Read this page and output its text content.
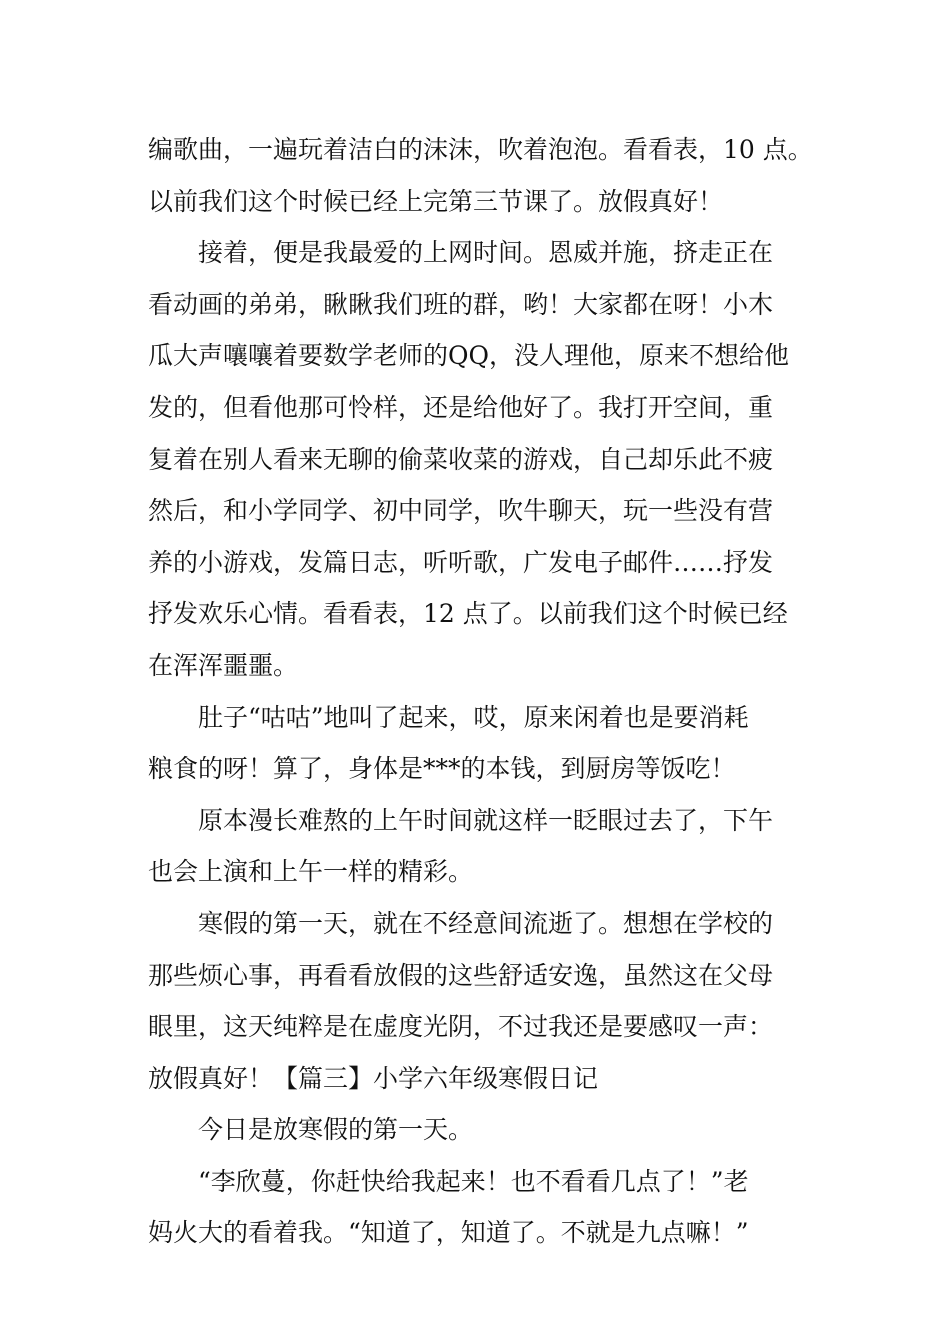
编歌曲，一遍玩着洁白的沫沫，吹着泡泡。看看表，10 点。
以前我们这个时候已经上完第三节课了。放假真好！
接着，便是我最爱的上网时间。恩威并施，挤走正在
看动画的弟弟，瞅瞅我们班的群，哟！大家都在呀！小木
瓜大声嚷嚷着要数学老师的QQ，没人理他，原来不想给他
发的，但看他那可怜样，还是给他好了。我打开空间，重
复着在别人看来无聊的偷菜收菜的游戏，自己却乐此不疲
然后，和小学同学、初中同学，吹牛聊天，玩一些没有营
养的小游戏，发篇日志，听听歌，广发电子邮件……抒发
抒发欢乐心情。看看表，12 点了。以前我们这个时候已经
在浑浑噩噩。
肚子“咕咕”地叫了起来，哎，原来闲着也是要消耗
粮食的呀！算了，身体是***的本钱，到厨房等饭吃！
原本漫长难熬的上午时间就这样一眨眼过去了，下午
也会上演和上午一样的精彩。
寒假的第一天，就在不经意间流逝了。想想在学校的
那些烦心事，再看看放假的这些舒适安逸，虽然这在父母
眼里，这天纯粹是在虚度光阴，不过我还是要感叹一声：
放假真好！【篇三】小学六年级寒假日记
今日是放寒假的第一天。
“李欣蔓，你赶快给我起来！也不看看几点了！”老
妈火大的看着我。“知道了，知道了。不就是九点嘛！”
